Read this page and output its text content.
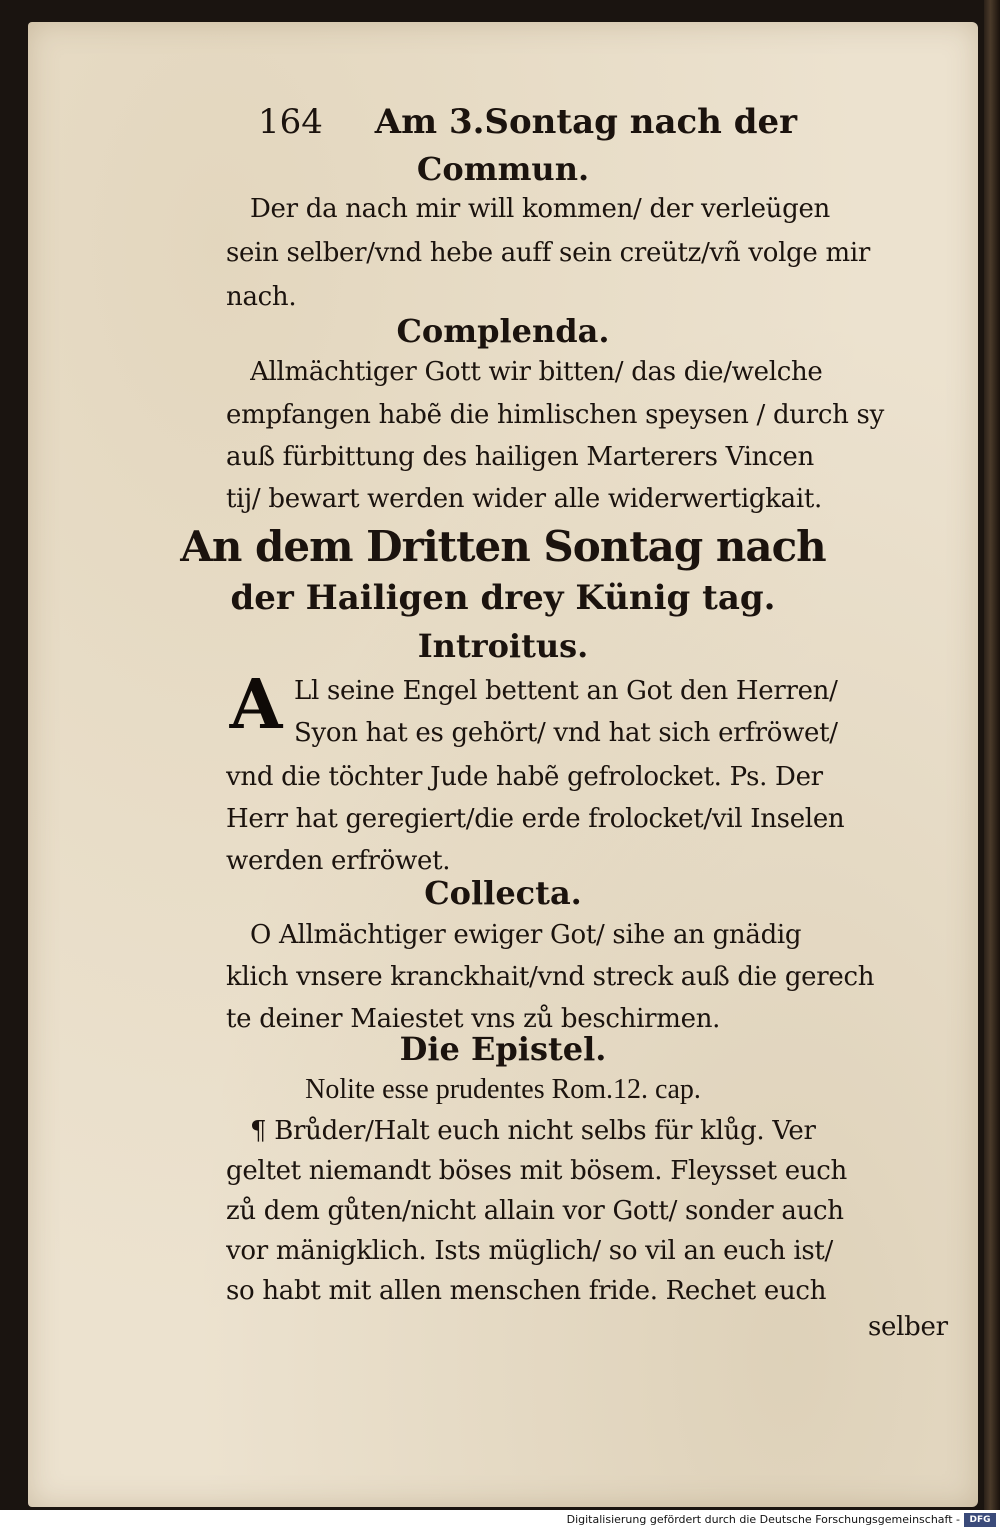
164 Am 3.Sontag nach der
Commun.
Der da nach mir will kommen/ der verleügen
sein selber/vnd hebe auff sein creütz/vñ volge mir
nach.
Complenda.
Allmächtiger Gott wir bitten/ das die/welche
empfangen habẽ die himlischen speysen / durch sy
auß fürbittung des hailigen Marterers Vincen
tij/ bewart werden wider alle widerwertigkait.
An dem Dritten Sontag nach
der Hailigen drey Künig tag.
Introitus.
A Ll seine Engel bettent an Got den Herren/
Syon hat es gehört/ vnd hat sich erfröwet/
vnd die töchter Jude habẽ gefrolocket. Ps. Der
Herr hat geregiert/die erde frolocket/vil Inselen
werden erfröwet.
Collecta.
O Allmächtiger ewiger Got/ sihe an gnädig
klich vnsere kranckhait/vnd streck auß die gerech
te deiner Maiestet vns zů beschirmen.
Die Epistel.
Nolite esse prudentes Rom.12. cap.
¶ Brůder/Halt euch nicht selbs für klůg. Ver
geltet niemandt böses mit bösem. Fleysset euch
zů dem gůten/nicht allain vor Gott/ sonder auch
vor mänigklich. Ists müglich/ so vil an euch ist/
so habt mit allen menschen fride. Rechet euch
selber
Digitalisierung gefördert durch die Deutsche Forschungsgemeinschaft -	DFG
